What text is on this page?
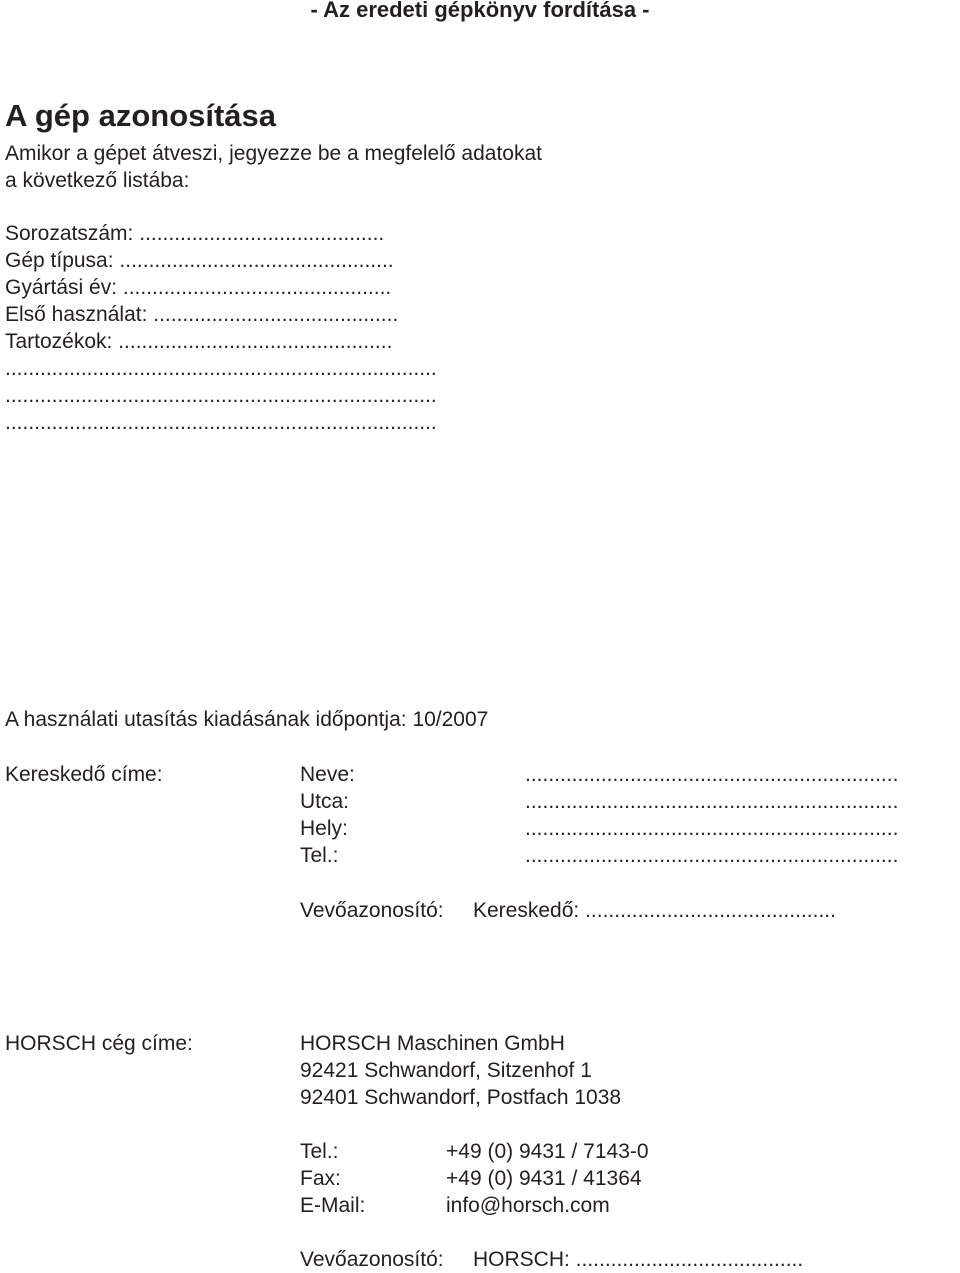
- Az eredeti gépkönyv fordítása -
A gép azonosítása
Amikor a gépet átveszi, jegyezze be a megfelelő adatokat
a következő listába:
Sorozatszám: ..........................................
Gép típusa: ...............................................
Gyártási év: ..............................................
Első használat: ..........................................
Tartozékok: ...............................................
..........................................................................
..........................................................................
..........................................................................
A használati utasítás kiadásának időpontja: 10/2007
Kereskedő címe:	Neve:
Utca:
Hely:
Tel.:
................................................................
................................................................
................................................................
................................................................
Vevőazonosító: Kereskedő: ...........................................
HORSCH cég címe:	HORSCH Maschinen GmbH
92421 Schwandorf, Sitzenhof 1
92401 Schwandorf, Postfach 1038
Tel.:
Fax:
E-Mail:
+49 (0) 9431 / 7143-0
+49 (0) 9431 / 41364
info@horsch.com
Vevőazonosító: HORSCH: .......................................
